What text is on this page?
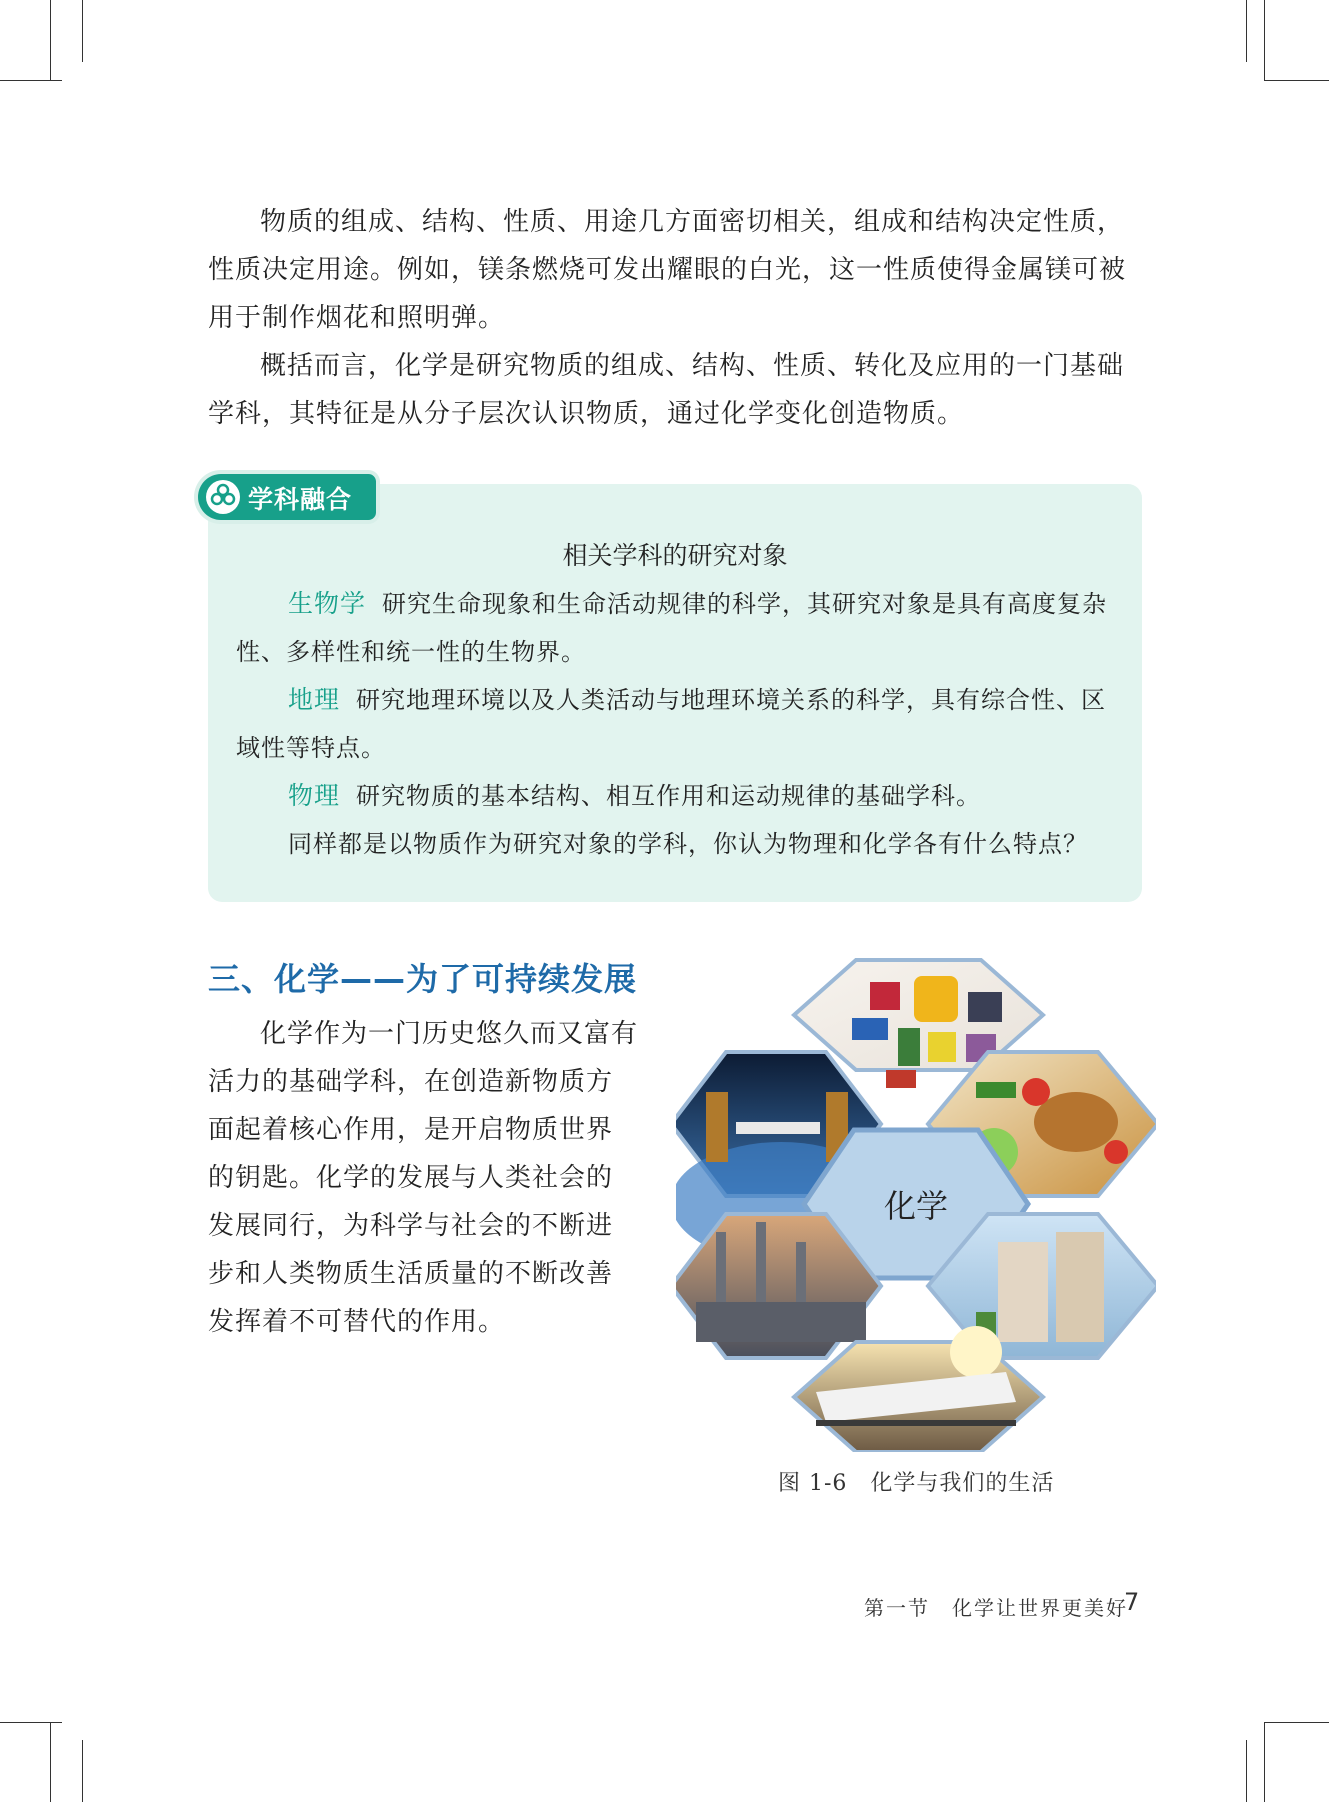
物质的组成、结构、性质、用途几方面密切相关，组成和结构决定性质，性质决定用途。例如，镁条燃烧可发出耀眼的白光，这一性质使得金属镁可被用于制作烟花和照明弹。

概括而言，化学是研究物质的组成、结构、性质、转化及应用的一门基础学科，其特征是从分子层次认识物质，通过化学变化创造物质。

学科融合
相关学科的研究对象

生物学 研究生命现象和生命活动规律的科学，其研究对象是具有高度复杂性、多样性和统一性的生物界。

地理 研究地理环境以及人类活动与地理环境关系的科学，具有综合性、区域性等特点。

物理 研究物质的基本结构、相互作用和运动规律的基础学科。

同样都是以物质作为研究对象的学科，你认为物理和化学各有什么特点？

三、化学——为了可持续发展

化学作为一门历史悠久而又富有活力的基础学科，在创造新物质方面起着核心作用，是开启物质世界的钥匙。化学的发展与人类社会的发展同行，为科学与社会的不断进步和人类物质生活质量的不断改善发挥着不可替代的作用。

化学
图 1-6　化学与我们的生活
第一节　化学让世界更美好
7
